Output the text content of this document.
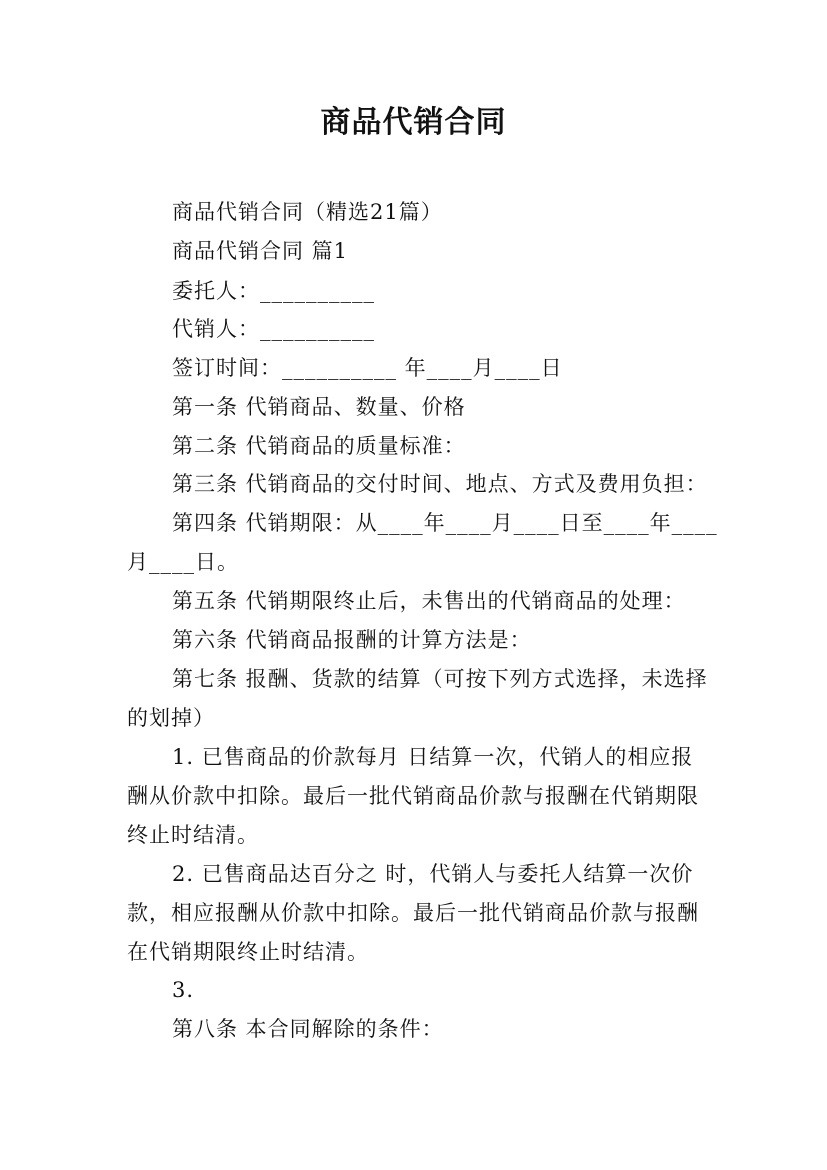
商品代销合同
商品代销合同（精选21篇）
商品代销合同 篇1
委托人：__________
代销人：__________
签订时间：__________ 年____月____日
第一条 代销商品、数量、价格
第二条 代销商品的质量标准：
第三条 代销商品的交付时间、地点、方式及费用负担：
第四条 代销期限：从____年____月____日至____年____
月____日。
第五条 代销期限终止后，未售出的代销商品的处理：
第六条 代销商品报酬的计算方法是：
第七条 报酬、货款的结算（可按下列方式选择，未选择
的划掉）
1. 已售商品的价款每月 日结算一次，代销人的相应报
酬从价款中扣除。最后一批代销商品价款与报酬在代销期限
终止时结清。
2. 已售商品达百分之 时，代销人与委托人结算一次价
款，相应报酬从价款中扣除。最后一批代销商品价款与报酬
在代销期限终止时结清。
3.
第八条 本合同解除的条件：
